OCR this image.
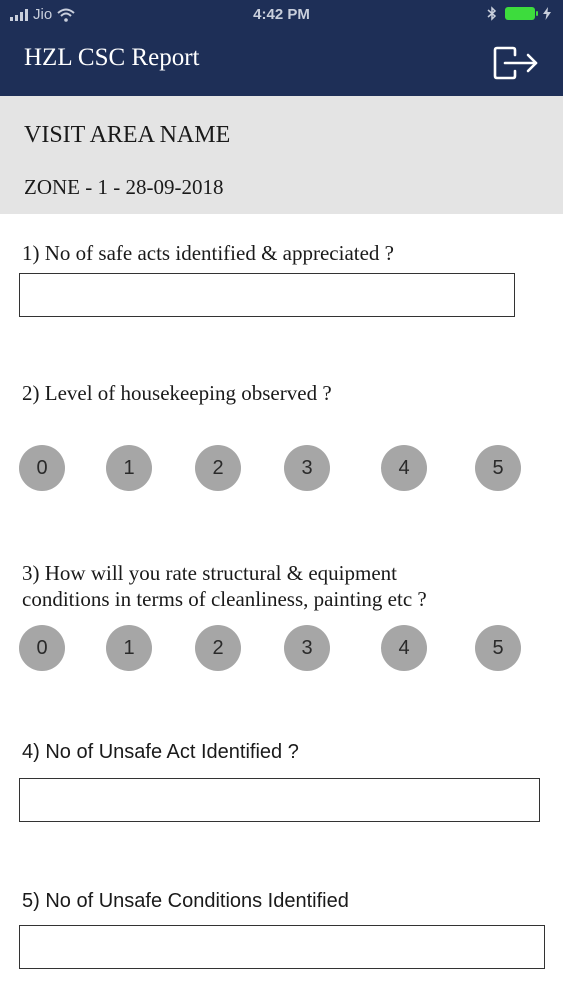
Jio	4:42 PM
HZL CSC Report
VISIT AREA NAME
ZONE - 1 - 28-09-2018
1) No of safe acts identified & appreciated ?
2) Level of housekeeping observed ?
0	1	2	3	4	5
3) How will you rate structural & equipment
conditions in terms of cleanliness, painting etc ?
0	1	2	3	4	5
4) No of Unsafe Act Identified ?
5) No of Unsafe Conditions Identified
